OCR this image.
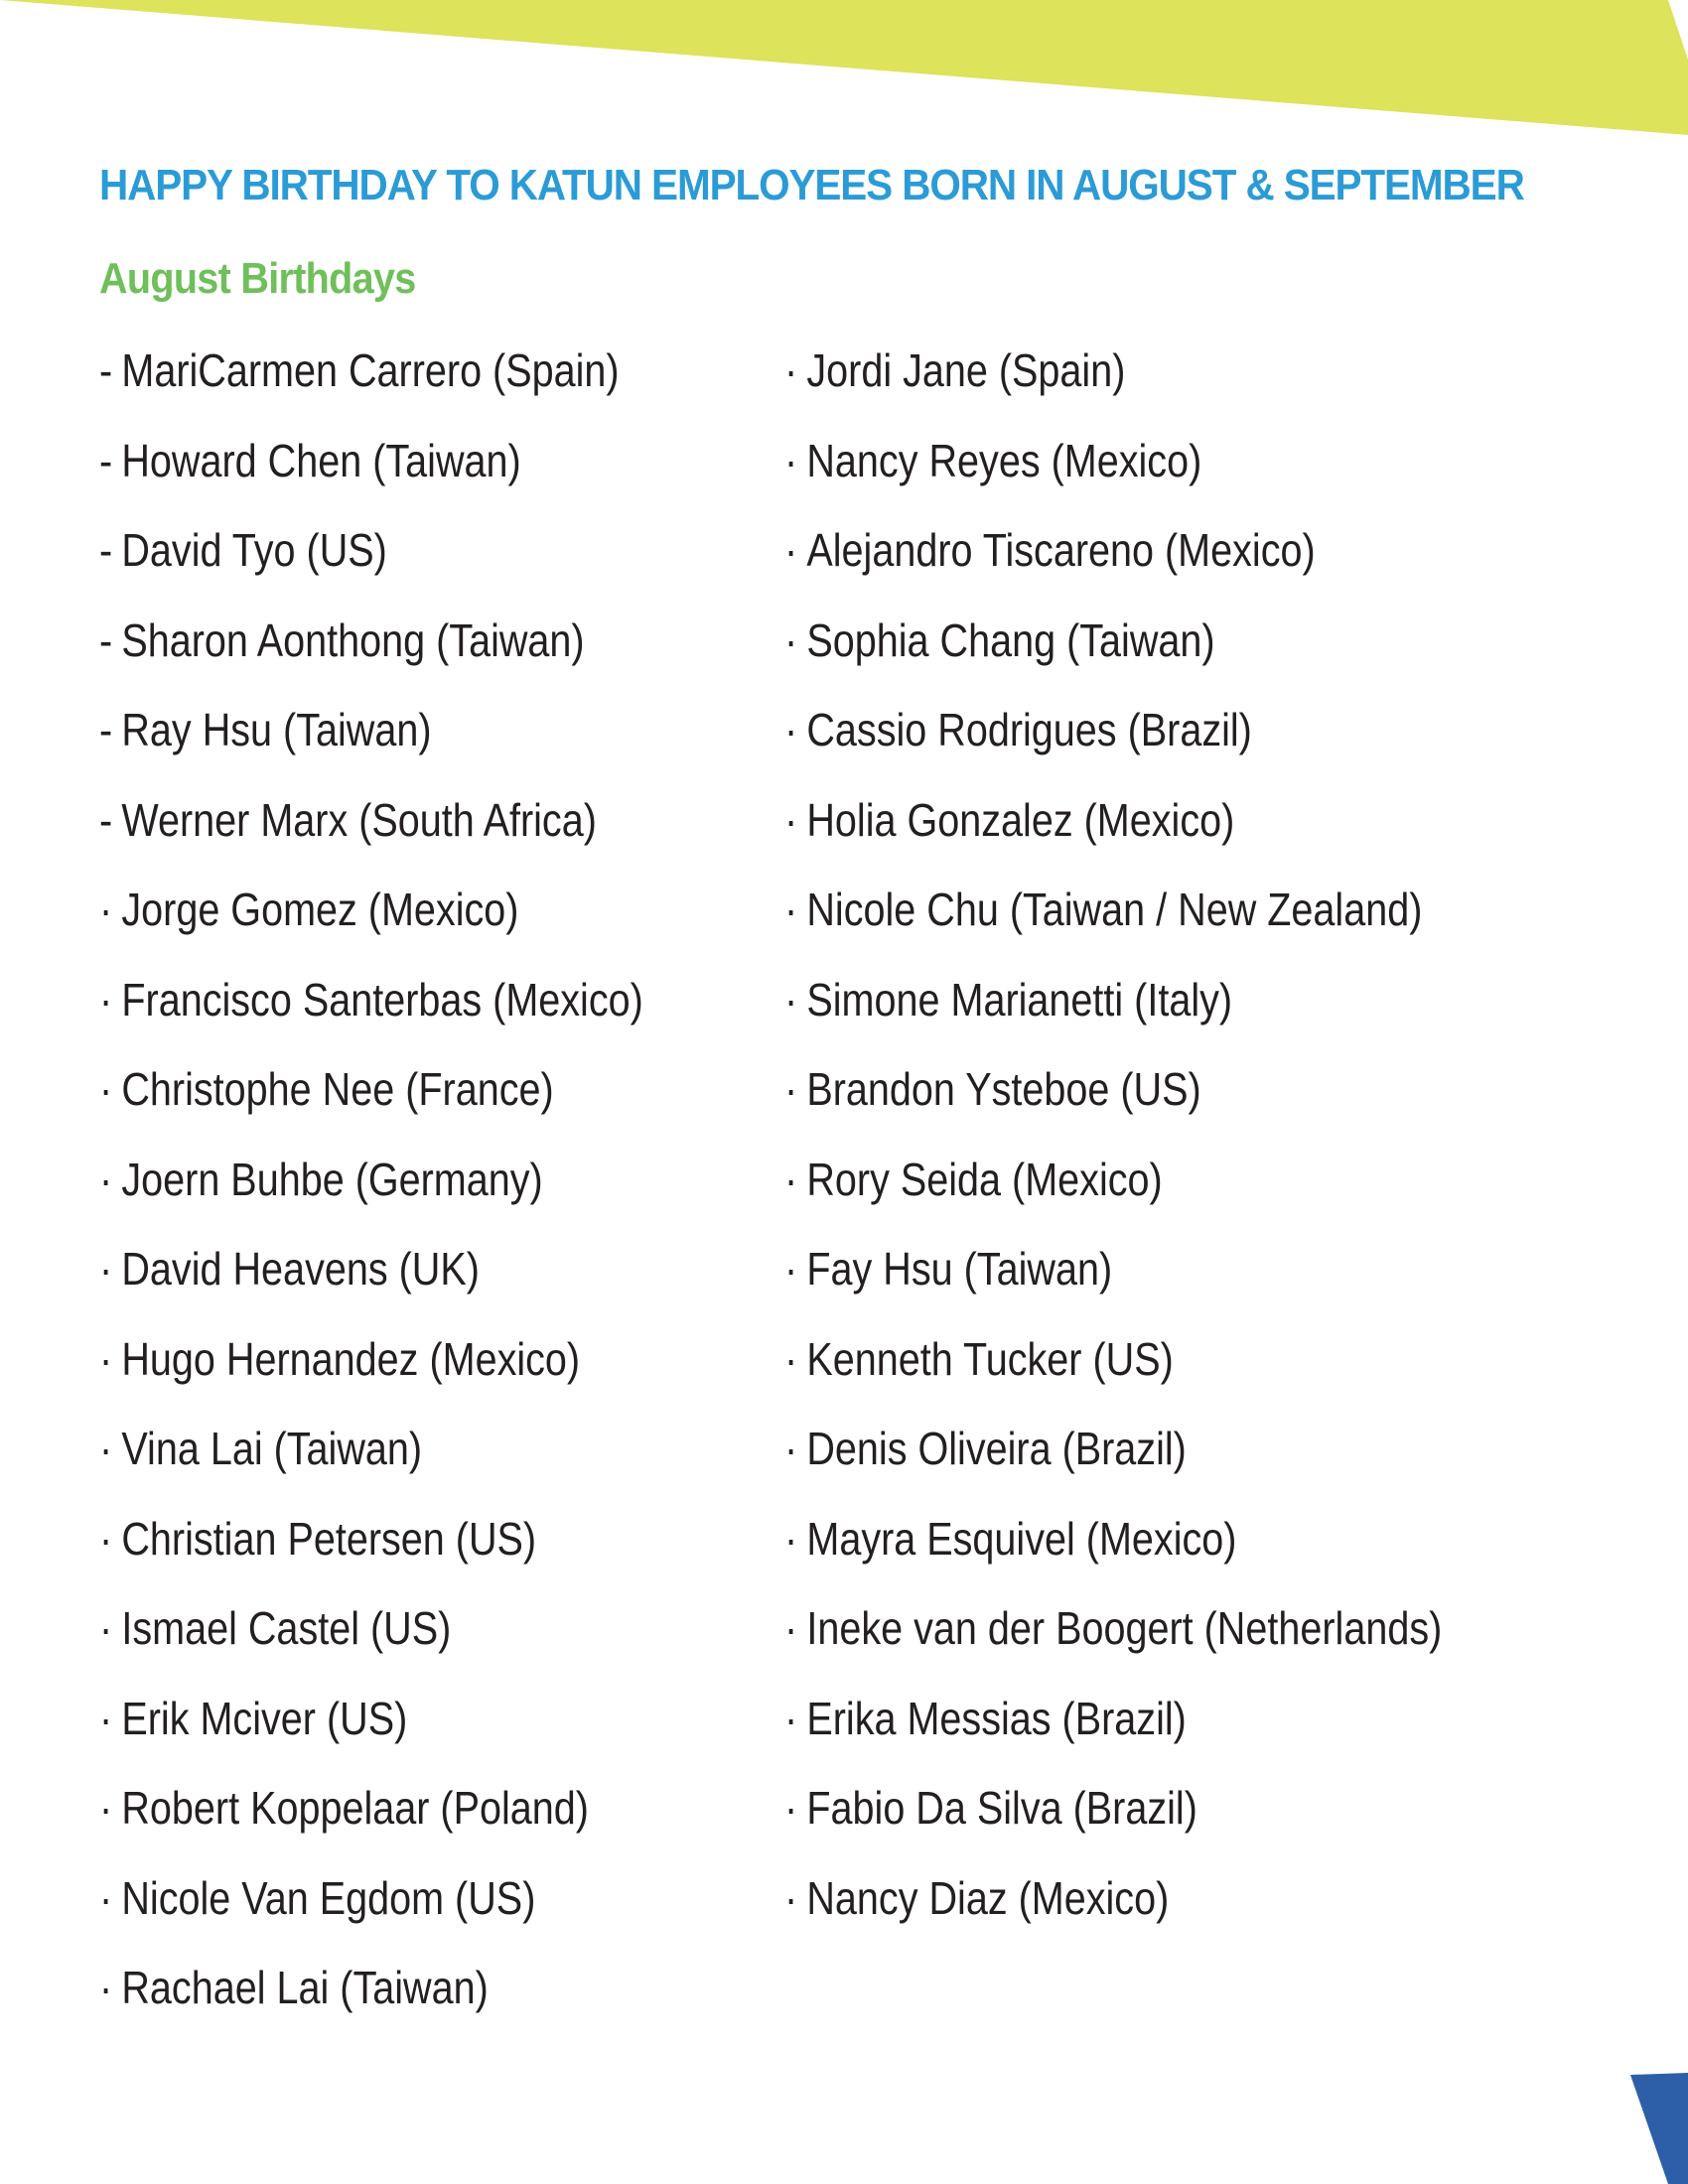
HAPPY BIRTHDAY TO KATUN EMPLOYEES BORN IN AUGUST & SEPTEMBER
August Birthdays
- MariCarmen Carrero (Spain)
- Howard Chen (Taiwan)
- David Tyo (US)
- Sharon Aonthong (Taiwan)
- Ray Hsu (Taiwan)
- Werner Marx (South Africa)
· Jorge Gomez (Mexico)
· Francisco Santerbas (Mexico)
· Christophe Nee (France)
· Joern Buhbe (Germany)
· David Heavens (UK)
· Hugo Hernandez (Mexico)
· Vina Lai (Taiwan)
· Christian Petersen (US)
· Ismael Castel (US)
· Erik Mciver (US)
· Robert Koppelaar (Poland)
· Nicole Van Egdom (US)
· Rachael Lai (Taiwan)
· Jordi Jane (Spain)
· Nancy Reyes (Mexico)
· Alejandro Tiscareno (Mexico)
· Sophia Chang (Taiwan)
· Cassio Rodrigues (Brazil)
· Holia Gonzalez (Mexico)
· Nicole Chu (Taiwan / New Zealand)
· Simone Marianetti (Italy)
· Brandon Ysteboe (US)
· Rory Seida (Mexico)
· Fay Hsu (Taiwan)
· Kenneth Tucker (US)
· Denis Oliveira (Brazil)
· Mayra Esquivel (Mexico)
· Ineke van der Boogert (Netherlands)
· Erika Messias (Brazil)
· Fabio Da Silva (Brazil)
· Nancy Diaz (Mexico)
